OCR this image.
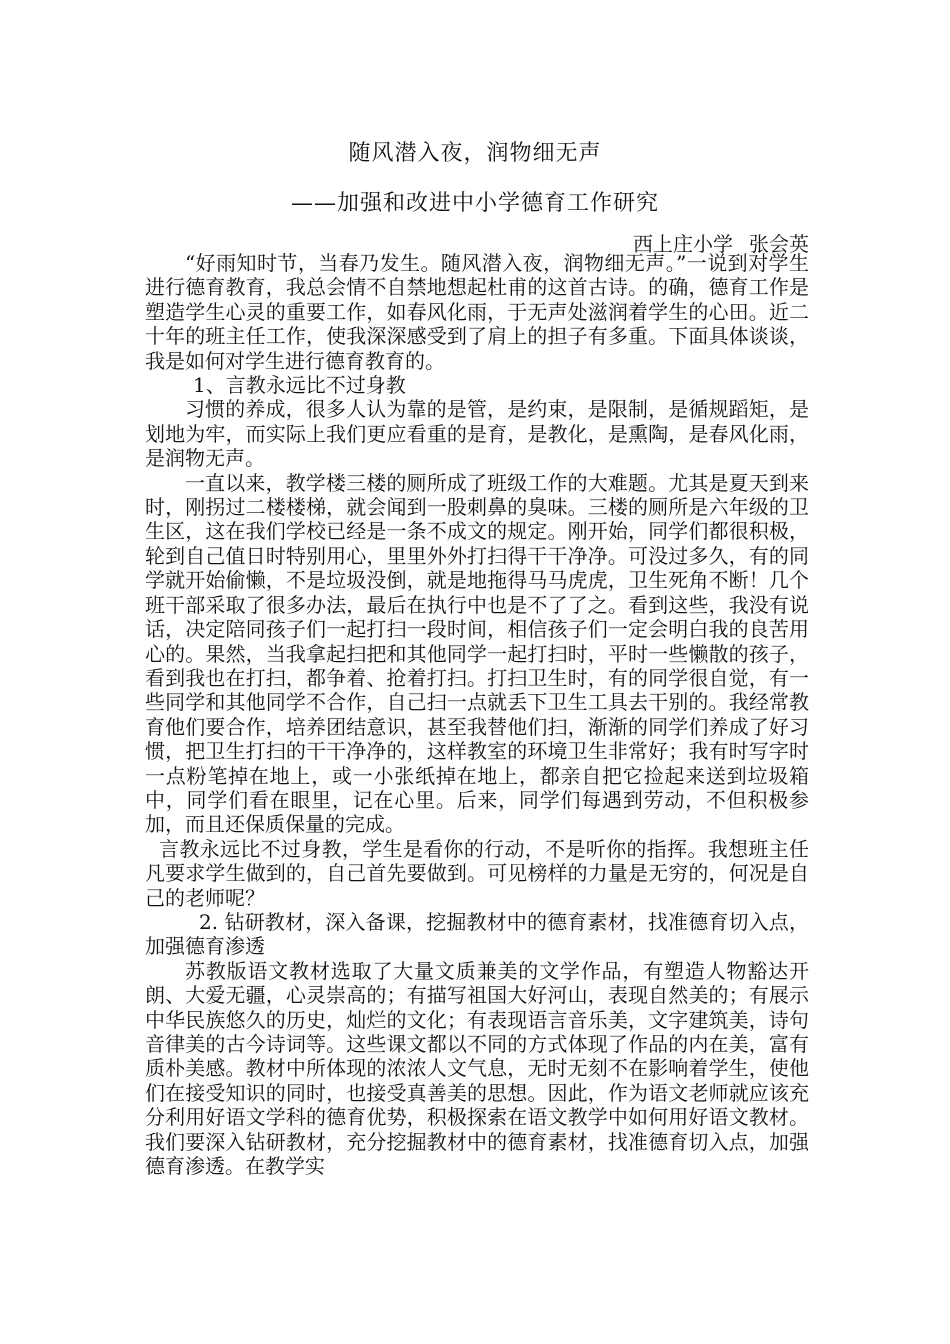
随风潜入夜，润物细无声
——加强和改进中小学德育工作研究
西上庄小学 张会英

“好雨知时节，当春乃发生。随风潜入夜，润物细无声。”一说到对学生进行德育教育，我总会情不自禁地想起杜甫的这首古诗。的确，德育工作是塑造学生心灵的重要工作，如春风化雨，于无声处滋润着学生的心田。近二十年的班主任工作，使我深深感受到了肩上的担子有多重。下面具体谈谈，我是如何对学生进行德育教育的。

1、言教永远比不过身教

习惯的养成，很多人认为靠的是管，是约束，是限制，是循规蹈矩，是划地为牢，而实际上我们更应看重的是育，是教化，是熏陶，是春风化雨，是润物无声。

一直以来，教学楼三楼的厕所成了班级工作的大难题。尤其是夏天到来时，刚拐过二楼楼梯，就会闻到一股刺鼻的臭味。三楼的厕所是六年级的卫生区，这在我们学校已经是一条不成文的规定。刚开始，同学们都很积极，轮到自己值日时特别用心，里里外外打扫得干干净净。可没过多久，有的同学就开始偷懒，不是垃圾没倒，就是地拖得马马虎虎，卫生死角不断！几个班干部采取了很多办法，最后在执行中也是不了了之。看到这些，我没有说话，决定陪同孩子们一起打扫一段时间，相信孩子们一定会明白我的良苦用心的。果然，当我拿起扫把和其他同学一起打扫时，平时一些懒散的孩子，看到我也在打扫，都争着、抢着打扫。打扫卫生时，有的同学很自觉，有一些同学和其他同学不合作，自己扫一点就丢下卫生工具去干别的。我经常教育他们要合作，培养团结意识，甚至我替他们扫，渐渐的同学们养成了好习惯，把卫生打扫的干干净净的，这样教室的环境卫生非常好；我有时写字时一点粉笔掉在地上，或一小张纸掉在地上，都亲自把它捡起来送到垃圾箱中，同学们看在眼里，记在心里。后来，同学们每遇到劳动，不但积极参加，而且还保质保量的完成。

言教永远比不过身教，学生是看你的行动，不是听你的指挥。我想班主任凡要求学生做到的，自己首先要做到。可见榜样的力量是无穷的，何况是自己的老师呢？

2. 钻研教材，深入备课，挖掘教材中的德育素材，找准德育切入点，加强德育渗透

苏教版语文教材选取了大量文质兼美的文学作品，有塑造人物豁达开朗、大爱无疆，心灵崇高的；有描写祖国大好河山，表现自然美的；有展示中华民族悠久的历史，灿烂的文化；有表现语言音乐美，文字建筑美，诗句音律美的古今诗词等。这些课文都以不同的方式体现了作品的内在美，富有质朴美感。教材中所体现的浓浓人文气息，无时无刻不在影响着学生，使他们在接受知识的同时，也接受真善美的思想。因此，作为语文老师就应该充分利用好语文学科的德育优势，积极探索在语文教学中如何用好语文教材。我们要深入钻研教材，充分挖掘教材中的德育素材，找准德育切入点，加强德育渗透。在教学实
